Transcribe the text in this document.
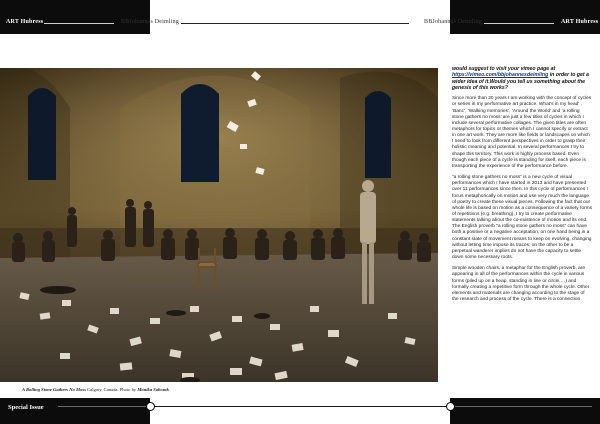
ART Hubress	BBJohannes Deimling	BBJohannes Deimling	ART Hubress
A Rolling Stone Gathers No Moss Calgary, Canada. Photo by Monika Sobczak

would suggest to visit your vimeo page at https://vimeo.com/bbjohannesdeimling in order to get a wider idea of it.Would you tell us something about the genesis of this works?

Since more than 20 years I am working with the concept of cycles or series in my performative art practice. What’s in my head’ , ‘Banc’, ‘Walking memories’, ‘Around the World’ and ‘a rolling stone gathers no moss’ are just a few titles of cycles in which I include several performative collages. The given titles are often metaphors for topics or themes which I cannot specify or extract in one art work. They are more like fields or landscapes on which I need to look from different perspectives in order to grasp their holistic meaning and potential. In several performances I try to shape this territory. This work is highly process based. Even though each piece of a cycle is standing for itself, each piece is transporting the experience of the performance before.

“a rolling stone gathers no moss” is a new cycle of visual performances which I have started in 2013 and have presented over 11 performances since then. In this cycle of performances I focus metaphorically on motion and use very much the language of poetry to create these visual pieces. Following the fact that our whole life is based on motion as a consequence of a variety forms of repetitions (e.g. breathing), I try to create performative statements talking about the co-existence of motion and its end. The English proverb “a rolling stone gathers no moss” can have both a positive or a negative acceptation, on one hand being in a constant state of movement means to keep on evolving, changing without letting time impose its traces; on the other to be a perpetual wanderer implies do not have the capacity to settle down some necessary roots.

Simple wooden chairs, a metaphor for the English proverb, are appearing in all of the performances within the cycle in various forms (piled up on a heap, standing in line or circle,…) and formally creating a repetitive form through the whole cycle. Other elements and materials are changing according to the stage of the research and process of the cycle. There is a connection

Special Issue
